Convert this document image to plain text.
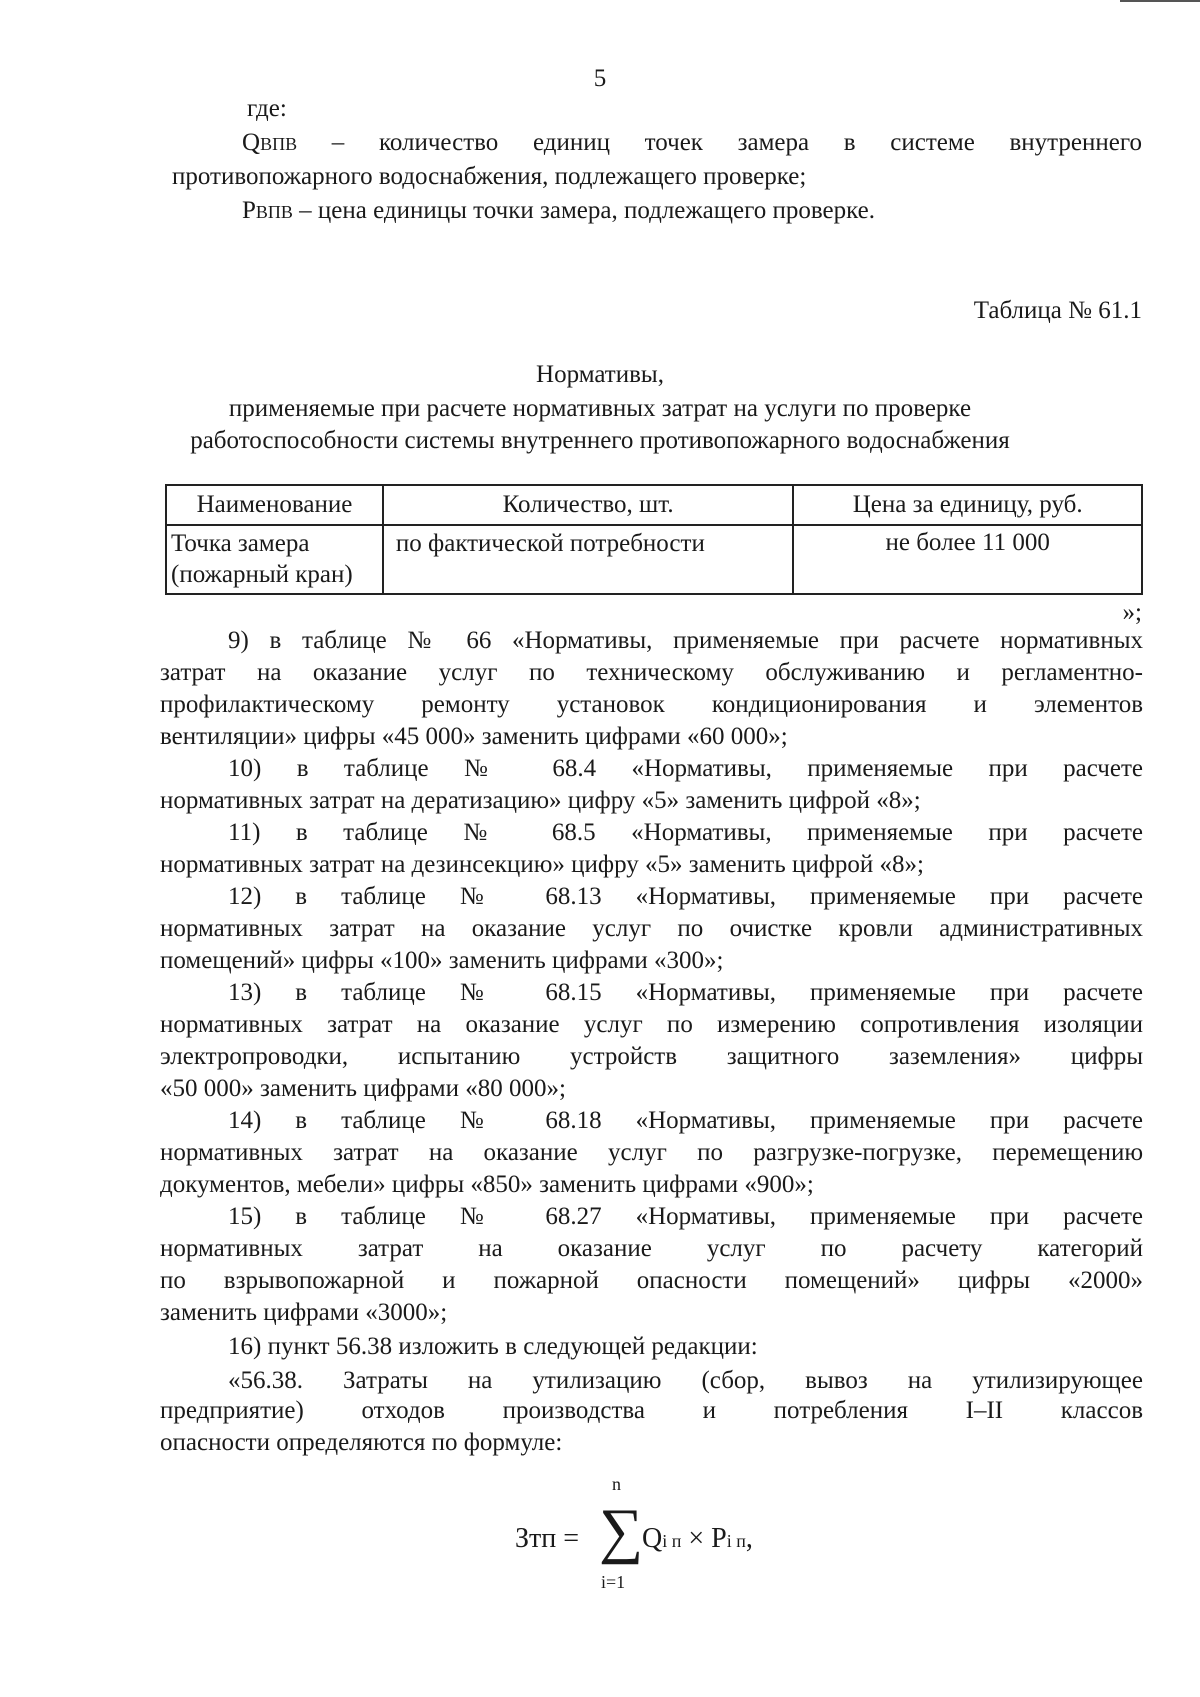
5
где:
QВПВ – количество единиц точек замера в системе внутреннего
противопожарного водоснабжения, подлежащего проверке;
PВПВ – цена единицы точки замера, подлежащего проверке.
Таблица № 61.1
Нормативы,
применяемые при расчете нормативных затрат на услуги по проверке
работоспособности системы внутреннего противопожарного водоснабжения
Наименование	Количество, шт.	Цена за единицу, руб.
Точка замера
(пожарный кран)	по фактической потребности	не более 11 000
»;
9) в таблице № 66 «Нормативы, применяемые при расчете нормативных
затрат на оказание услуг по техническому обслуживанию и регламентно-
профилактическому ремонту установок кондиционирования и элементов
вентиляции» цифры «45 000» заменить цифрами «60 000»;
10) в таблице № 68.4 «Нормативы, применяемые при расчете
нормативных затрат на дератизацию» цифру «5» заменить цифрой «8»;
11) в таблице № 68.5 «Нормативы, применяемые при расчете
нормативных затрат на дезинсекцию» цифру «5» заменить цифрой «8»;
12) в таблице № 68.13 «Нормативы, применяемые при расчете
нормативных затрат на оказание услуг по очистке кровли административных
помещений» цифры «100» заменить цифрами «300»;
13) в таблице № 68.15 «Нормативы, применяемые при расчете
нормативных затрат на оказание услуг по измерению сопротивления изоляции
электропроводки, испытанию устройств защитного заземления» цифры
«50 000» заменить цифрами «80 000»;
14) в таблице № 68.18 «Нормативы, применяемые при расчете
нормативных затрат на оказание услуг по разгрузке-погрузке, перемещению
документов, мебели» цифры «850» заменить цифрами «900»;
15) в таблице № 68.27 «Нормативы, применяемые при расчете
нормативных затрат на оказание услуг по расчету категорий
по взрывопожарной и пожарной опасности помещений» цифры «2000»
заменить цифрами «3000»;
16) пункт 56.38 изложить в следующей редакции:
«56.38. Затраты на утилизацию (сбор, вывоз на утилизирующее
предприятие) отходов производства и потребления I–II классов
опасности определяются по формуле:
Зтп =
n
∑
i=1
Qi п × Pi п,
